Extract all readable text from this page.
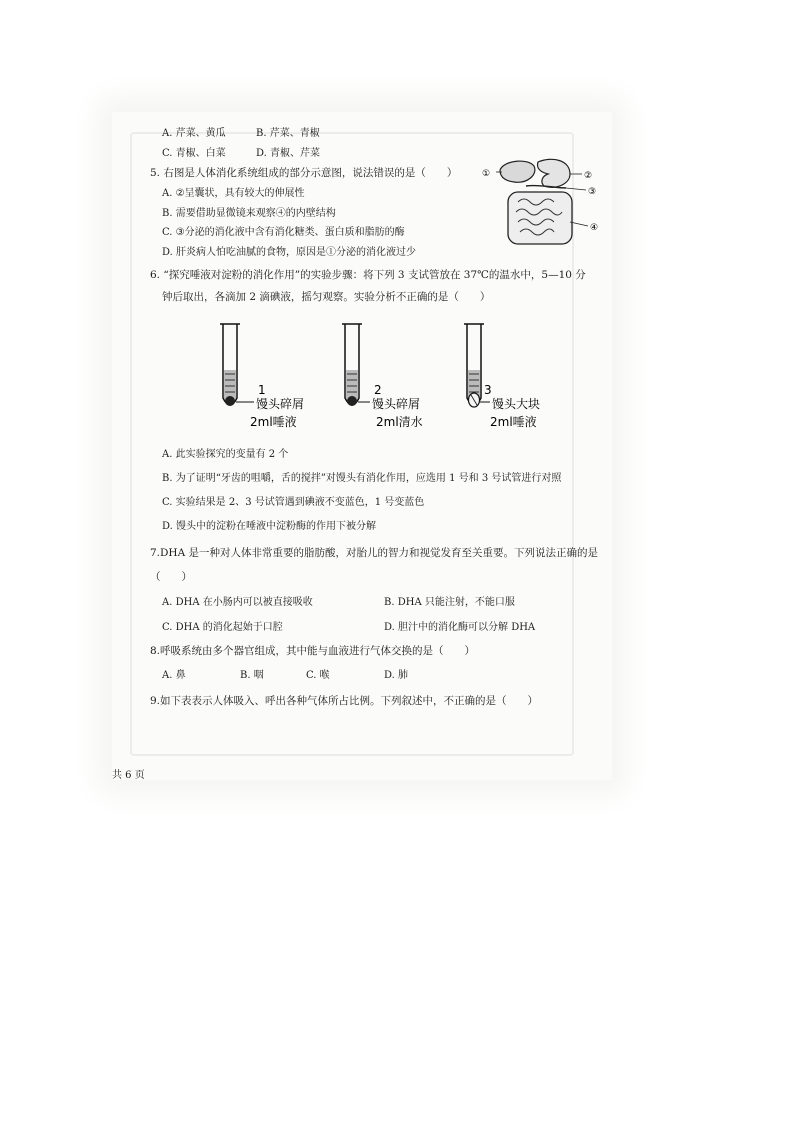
A. 芹菜、黄瓜	B. 芹菜、青椒
C. 青椒、白菜	D. 青椒、芹菜
5. 右图是人体消化系统组成的部分示意图，说法错误的是（　　）
A. ②呈囊状，具有较大的伸展性
B. 需要借助显微镜来观察④的内壁结构
C. ③分泌的消化液中含有消化糖类、蛋白质和脂肪的酶
D. 肝炎病人怕吃油腻的食物，原因是①分泌的消化液过少
①	②
③
④
6. “探究唾液对淀粉的消化作用”的实验步骤：将下列 3 支试管放在 37℃的温水中，5—10 分
钟后取出，各滴加 2 滴碘液，摇匀观察。实验分析不正确的是（　　）
1
馒头碎屑
2ml唾液
2
馒头碎屑
2ml清水
3
馒头大块
2ml唾液
A. 此实验探究的变量有 2 个
B. 为了证明“牙齿的咀嚼，舌的搅拌”对馒头有消化作用，应选用 1 号和 3 号试管进行对照
C. 实验结果是 2、3 号试管遇到碘液不变蓝色，1 号变蓝色
D. 馒头中的淀粉在唾液中淀粉酶的作用下被分解
7.DHA 是一种对人体非常重要的脂肪酸，对胎儿的智力和视觉发育至关重要。下列说法正确的是
（　　）
A. DHA 在小肠内可以被直接吸收	B. DHA 只能注射，不能口服
C. DHA 的消化起始于口腔	D. 胆汁中的消化酶可以分解 DHA
8.呼吸系统由多个器官组成，其中能与血液进行气体交换的是（　　）
A. 鼻	B. 咽	C. 喉	D. 肺
9.如下表表示人体吸入、呼出各种气体所占比例。下列叙述中，不正确的是（　　）
共 6 页
